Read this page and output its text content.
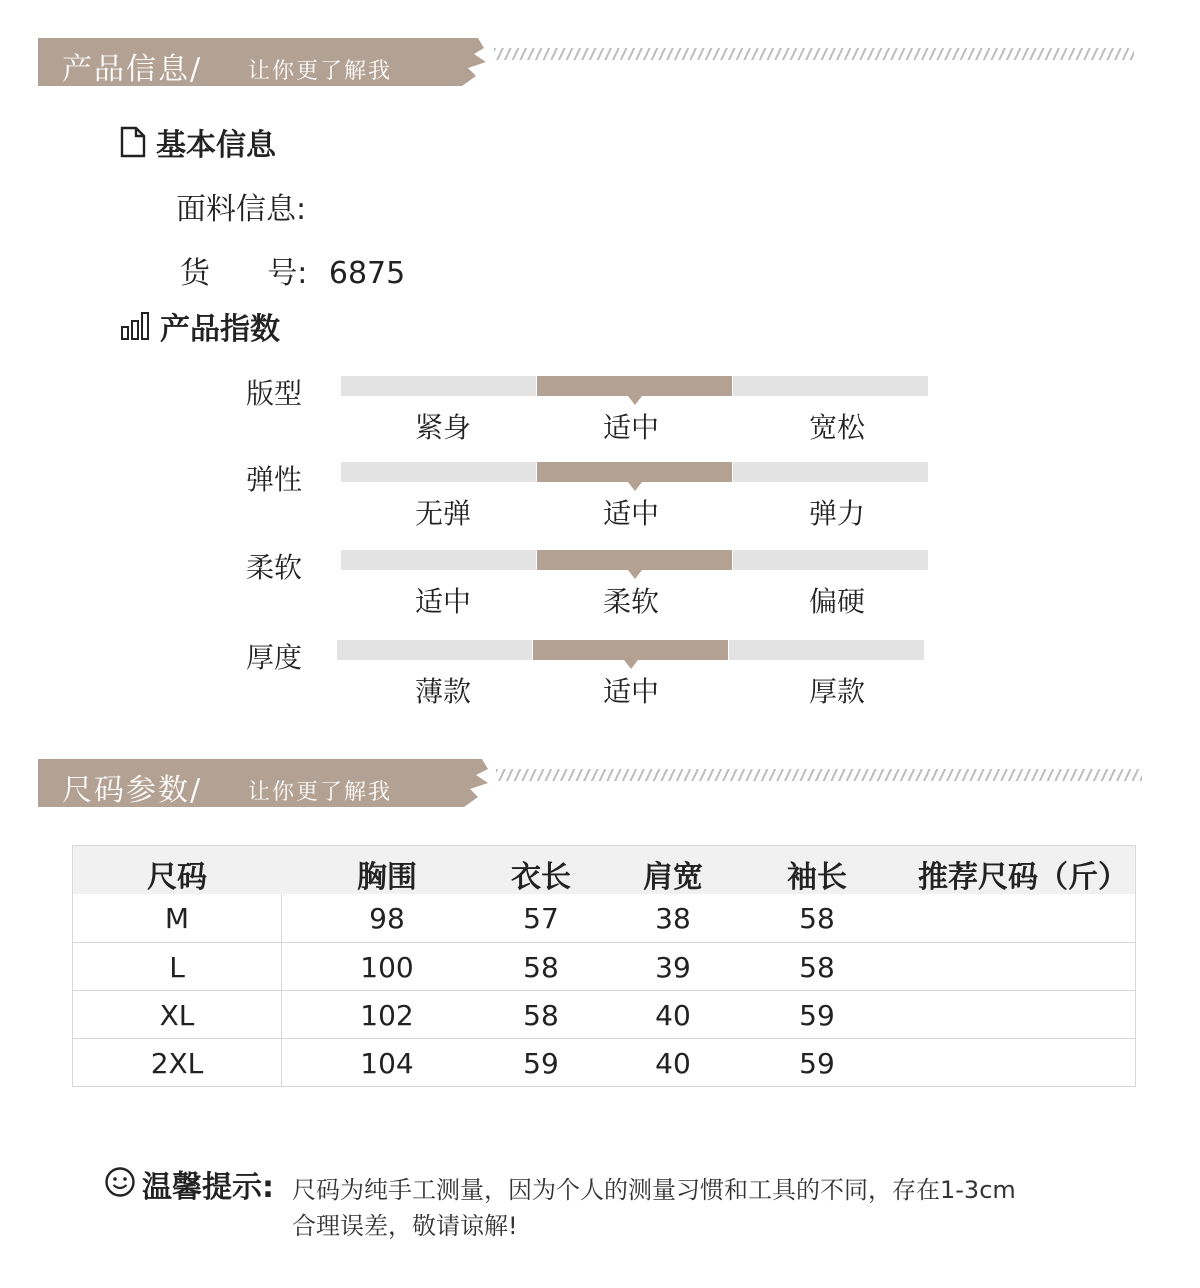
产品信息/ 让你更了解我
基本信息
面料信息:
货      号: 6875
产品指数
版型
紧身	适中	宽松
弹性
无弹	适中	弹力
柔软
适中	柔软	偏硬
厚度
薄款	适中	厚款
尺码参数/ 让你更了解我
尺码	胸围	衣长	肩宽	袖长	推荐尺码（斤）
M	98	57	38	58
L	100	58	39	58
XL	102	58	40	59
2XL	104	59	40	59
温馨提示: 尺码为纯手工测量，因为个人的测量习惯和工具的不同，存在1-3cm
合理误差，敬请谅解!
